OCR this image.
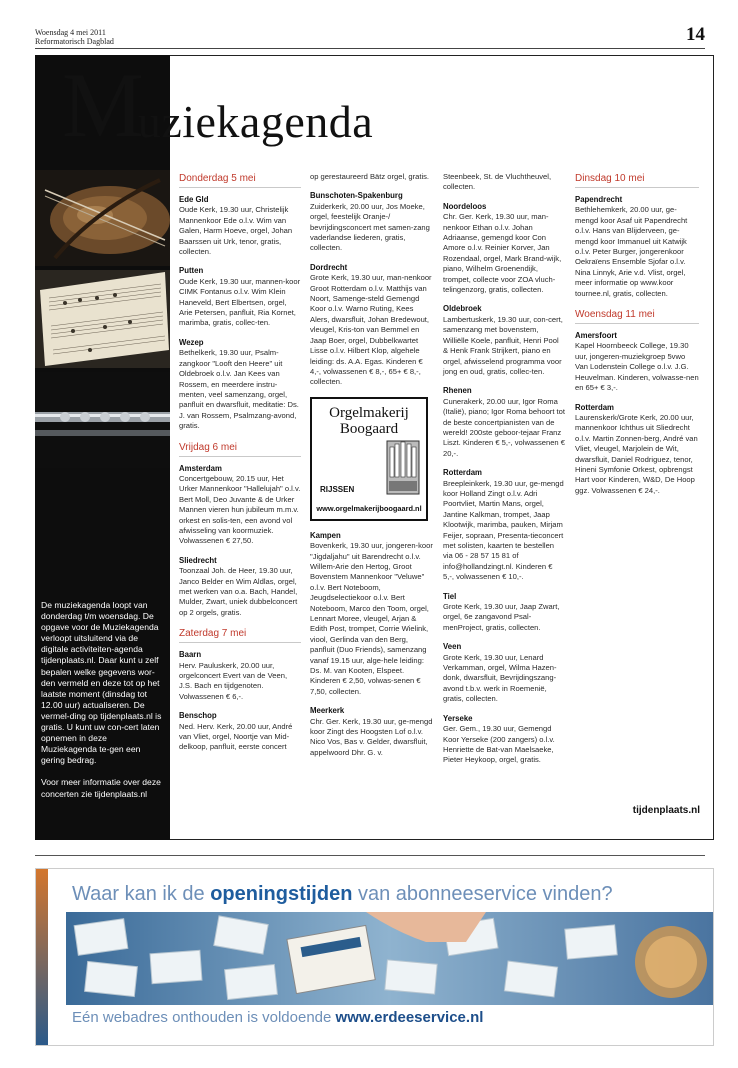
Woensdag 4 mei 2011
Reformatorisch Dagblad	14
Muziekagenda

De muziekagenda loopt van donderdag t/m woensdag. De opgave voor de Muziekagenda verloopt uitsluitend via de digitale activiteiten-agenda tijdenplaats.nl. Daar kunt u zelf bepalen welke gegevens wor-den vermeld en deze tot op het laatste moment (dinsdag tot 12.00 uur) actualiseren. De vermel-ding op tijdenplaats.nl is gratis. U kunt uw con-cert laten opnemen in deze Muziekagenda te-gen een gering bedrag.

Voor meer informatie over deze concerten zie tijdenplaats.nl

Donderdag 5 mei
Ede Gld
Oude Kerk, 19.30 uur, Christelijk Mannenkoor Ede o.l.v. Wim van Galen, Harm Hoeve, orgel, Johan Baarssen uit Urk, tenor, gratis, collecten.
Putten
Oude Kerk, 19.30 uur, mannen-koor CIMK Fontanus o.l.v. Wim Klein Haneveld, Bert Elbertsen, orgel, Arie Petersen, panfluit, Ria Kornet, marimba, gratis, collec-ten.
Wezep
Bethelkerk, 19.30 uur, Psalm-zangkoor "Looft den Heere" uit Oldebroek o.l.v. Jan Kees van Rossem, en meerdere instru-menten, veel samenzang, orgel, panfluit en dwarsfluit, meditatie: Ds. J. van Rossem, Psalmzang-avond, gratis.
Vrijdag 6 mei
Amsterdam
Concertgebouw, 20.15 uur, Het Urker Mannenkoor "Hallelujah" o.l.v. Bert Moll, Deo Juvante & de Urker Mannen vieren hun jubileum m.m.v. orkest en solis-ten, een avond vol afwisseling van koormuziek. Volwassenen € 27,50.
Sliedrecht
Toonzaal Joh. de Heer, 19.30 uur, Janco Belder en Wim Aldlas, orgel, met werken van o.a. Bach, Handel, Mulder, Zwart, uniek dubbelconcert op 2 orgels, gratis.
Zaterdag 7 mei
Baarn
Herv. Pauluskerk, 20.00 uur, orgelconcert Evert van de Veen, J.S. Bach en tijdgenoten. Volwassenen € 6,-.
Benschop
Ned. Herv. Kerk, 20.00 uur, André van Vliet, orgel, Noortje van Mid-delkoop, panfluit, eerste concert
op gerestaureerd Bätz orgel, gratis.
Bunschoten-Spakenburg
Zuiderkerk, 20.00 uur, Jos Moeke, orgel, feestelijk Oranje-/ bevrijdingsconcert met samen-zang vaderlandse liederen, gratis, collecten.
Dordrecht
Grote Kerk, 19.30 uur, man-nenkoor Groot Rotterdam o.l.v. Matthijs van Noort, Samenge-steld Gemengd Koor o.l.v. Warno Ruting, Kees Alers, dwarsfluit, Johan Bredewout, vleugel, Kris-ton van Bemmel en Jaap Boer, orgel, Dubbelkwartet Lisse o.l.v. Hilbert Klop, algehele leiding: ds. A.A. Egas. Kinderen € 4,-, volwassenen € 8,-, 65+ € 8,-, collecten.
Orgelmakerij
Boogaard
RIJSSEN
www.orgelmakerijboogaard.nl
Kampen
Bovenkerk, 19.30 uur, jongeren-koor "Jigdaljahu" uit Barendrecht o.l.v. Willem-Arie den Hertog, Groot Bovenstem Mannenkoor "Veluwe" o.l.v. Bert Noteboom, Jeugdselectiekoor o.l.v. Bert Noteboom, Marco den Toom, orgel, Lennart Moree, vleugel, Arjan & Edith Post, trompet, Corrie Wielink, viool, Gerlinda van den Berg, panfluit (Duo Friends), samenzang vanaf 19.15 uur, alge-hele leiding: Ds. M. van Kooten, Elspeet. Kinderen € 2,50, volwas-senen € 7,50, collecten.
Meerkerk
Chr. Ger. Kerk, 19.30 uur, ge-mengd koor Zingt des Hoogsten Lof o.l.v. Nico Vos, Bas v. Gelder, dwarsfluit, appelwoord Dhr. G. v.
Steenbeek, St. de Vluchtheuvel, collecten.
Noordeloos
Chr. Ger. Kerk, 19.30 uur, man-nenkoor Ethan o.l.v. Johan Adriaanse, gemengd koor Con Amore o.l.v. Reinier Korver, Jan Rozendaal, orgel, Mark Brand-wijk, piano, Wilhelm Groenendijk, trompet, collecte voor ZOA vluch-telingenzorg, gratis, collecten.
Oldebroek
Lambertuskerk, 19.30 uur, con-cert, samenzang met bovenstem, Williëlle Koele, panfluit, Henri Pool & Henk Frank Strijkert, piano en orgel, afwisselend programma voor jong en oud, gratis, collec-ten.
Rhenen
Cunerakerk, 20.00 uur, Igor Roma (Italië), piano; Igor Roma behoort tot de beste concertpianisten van de wereld! 200ste geboor-tejaar Franz Liszt. Kinderen € 5,-, volwassenen € 20,-.
Rotterdam
Breepleinkerk, 19.30 uur, ge-mengd koor Holland Zingt o.l.v. Adri Poortvliet, Martin Mans, orgel, Jantine Kalkman, trompet, Jaap Klootwijk, marimba, pauken, Mirjam Feijer, sopraan, Presenta-tieconcert met solisten, kaarten te bestellen via 06 - 28 57 15 81 of info@hollandzingt.nl. Kinderen € 5,-, volwassenen € 10,-.
Tiel
Grote Kerk, 19.30 uur, Jaap Zwart, orgel, 6e zangavond Psal-menProject, gratis, collecten.
Veen
Grote Kerk, 19.30 uur, Lenard Verkamman, orgel, Wilma Hazen-donk, dwarsfluit, Bevrijdingszang-avond t.b.v. werk in Roemenië, gratis, collecten.
Yerseke
Ger. Gem., 19.30 uur, Gemengd Koor Yerseke (200 zangers) o.l.v. Henriette de Bat-van Maelsaeke, Pieter Heykoop, orgel, gratis.
Dinsdag 10 mei
Papendrecht
Bethlehemkerk, 20.00 uur, ge-mengd koor Asaf uit Papendrecht o.l.v. Hans van Blijderveen, ge-mengd koor Immanuel uit Katwijk o.l.v. Peter Burger, jongerenkoor Oekraïens Ensemble Sjofar o.l.v. Nina Linnyk, Arie v.d. Vlist, orgel, meer informatie op www.koor tournee.nl, gratis, collecten.
Woensdag 11 mei
Amersfoort
Kapel Hoornbeeck College, 19.30 uur, jongeren-muziekgroep 5vwo Van Lodenstein College o.l.v. J.G. Heuvelman. Kinderen, volwasse-nen en 65+ € 3,-.
Rotterdam
Laurenskerk/Grote Kerk, 20.00 uur, mannenkoor Ichthus uit Sliedrecht o.l.v. Martin Zonnen-berg, André van Vliet, vleugel, Marjolein de Wit, dwarsfluit, Daniel Rodriguez, tenor, Hineni Symfonie Orkest, opbrengst Hart voor Kinderen, W&D, De Hoop ggz. Volwassenen € 24,-.
tijdenplaats.nl
Waar kan ik de openingstijden van abonneeservice vinden?
Eén webadres onthouden is voldoende www.erdeeservice.nl
